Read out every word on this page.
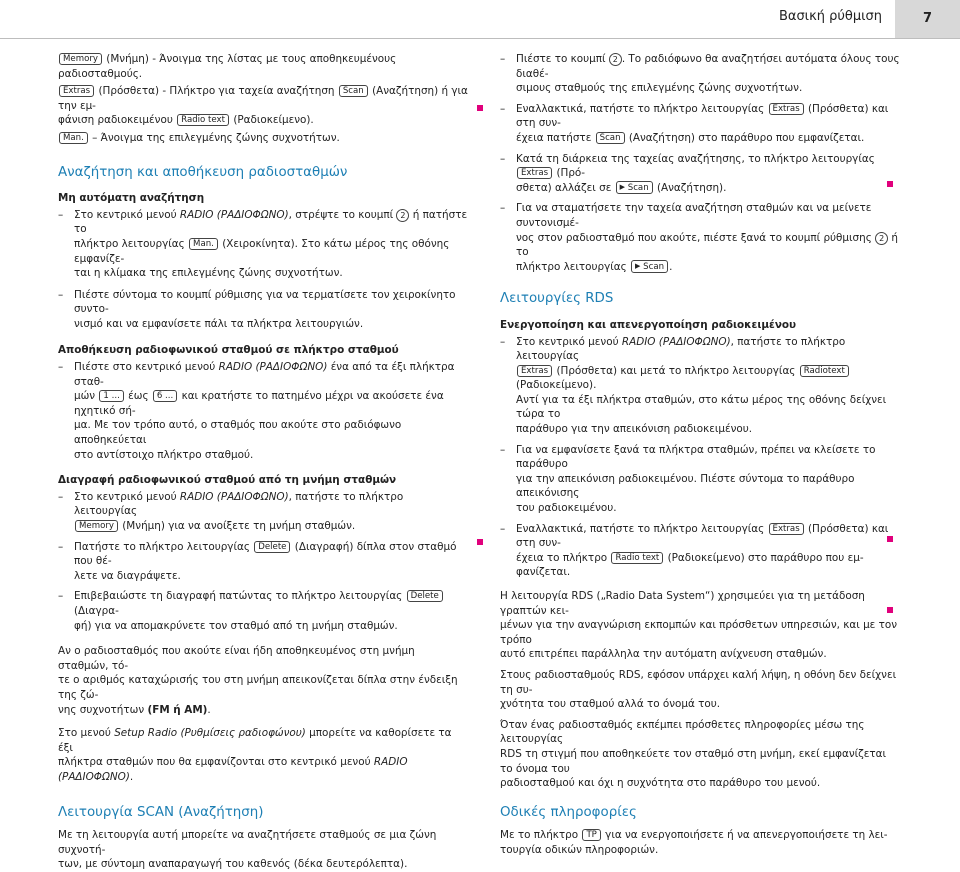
Βασική ρύθμιση	7

Memory (Μνήμη) - Άνοιγμα της λίστας με τους αποθηκευμένους ραδιοσταθμούς.

Extras (Πρόσθετα) - Πλήκτρο για ταχεία αναζήτηση Scan (Αναζήτηση) ή για την εμ-
φάνιση ραδιοκειμένου Radio text (Ραδιοκείμενο).

Man. – Άνοιγμα της επιλεγμένης ζώνης συχνοτήτων.

Αναζήτηση και αποθήκευση ραδιοσταθμών

Μη αυτόματη αναζήτηση

– Στο κεντρικό μενού RADIO (ΡΑΔΙΟΦΩΝΟ), στρέψτε το κουμπί 2 ή πατήστε το
πλήκτρο λειτουργίας Man. (Χειροκίνητα). Στο κάτω μέρος της οθόνης εμφανίζε-
ται η κλίμακα της επιλεγμένης ζώνης συχνοτήτων.

– Πιέστε σύντομα το κουμπί ρύθμισης για να τερματίσετε τον χειροκίνητο συντο-
νισμό και να εμφανίσετε πάλι τα πλήκτρα λειτουργιών.

Αποθήκευση ραδιοφωνικού σταθμού σε πλήκτρο σταθμού

– Πιέστε στο κεντρικό μενού RADIO (ΡΑΔΙΟΦΩΝΟ) ένα από τα έξι πλήκτρα σταθ-
μών 1 ... έως 6 ... και κρατήστε το πατημένο μέχρι να ακούσετε ένα ηχητικό σή-
μα. Με τον τρόπο αυτό, ο σταθμός που ακούτε στο ραδιόφωνο αποθηκεύεται
στο αντίστοιχο πλήκτρο σταθμού.

Διαγραφή ραδιοφωνικού σταθμού από τη μνήμη σταθμών

– Στο κεντρικό μενού RADIO (ΡΑΔΙΟΦΩΝΟ), πατήστε το πλήκτρο λειτουργίας
Memory (Μνήμη) για να ανοίξετε τη μνήμη σταθμών.

– Πατήστε το πλήκτρο λειτουργίας Delete (Διαγραφή) δίπλα στον σταθμό που θέ-
λετε να διαγράψετε.

– Επιβεβαιώστε τη διαγραφή πατώντας το πλήκτρο λειτουργίας Delete (Διαγρα-
φή) για να απομακρύνετε τον σταθμό από τη μνήμη σταθμών.

Αν ο ραδιοσταθμός που ακούτε είναι ήδη αποθηκευμένος στη μνήμη σταθμών, τό-
τε ο αριθμός καταχώρισής του στη μνήμη απεικονίζεται δίπλα στην ένδειξη της ζώ-
νης συχνοτήτων (FM ή AM).

Στο μενού Setup Radio (Ρυθμίσεις ραδιοφώνου) μπορείτε να καθορίσετε τα έξι
πλήκτρα σταθμών που θα εμφανίζονται στο κεντρικό μενού RADIO (ΡΑΔΙΟΦΩΝΟ).

Λειτουργία SCAN (Αναζήτηση)

Με τη λειτουργία αυτή μπορείτε να αναζητήσετε σταθμούς σε μια ζώνη συχνοτή-
των, με σύντομη αναπαραγωγή του καθενός (δέκα δευτερόλεπτα).

– Πιέστε το κουμπί 2 . Το ραδιόφωνο θα αναζητήσει αυτόματα όλους τους διαθέ-
σιμους σταθμούς της επιλεγμένης ζώνης συχνοτήτων.

– Εναλλακτικά, πατήστε το πλήκτρο λειτουργίας Extras (Πρόσθετα) και στη συν-
έχεια πατήστε Scan (Αναζήτηση) στο παράθυρο που εμφανίζεται.

– Κατά τη διάρκεια της ταχείας αναζήτησης, το πλήκτρο λειτουργίας Extras (Πρό-
σθετα) αλλάζει σε ▶ Scan (Αναζήτηση).

– Για να σταματήσετε την ταχεία αναζήτηση σταθμών και να μείνετε συντονισμέ-
νος στον ραδιοσταθμό που ακούτε, πιέστε ξανά το κουμπί ρύθμισης 2 ή το
πλήκτρο λειτουργίας ▶ Scan .

Λειτουργίες RDS

Ενεργοποίηση και απενεργοποίηση ραδιοκειμένου

– Στο κεντρικό μενού RADIO (ΡΑΔΙΟΦΩΝΟ), πατήστε το πλήκτρο λειτουργίας
Extras (Πρόσθετα) και μετά το πλήκτρο λειτουργίας Radiotext (Ραδιοκείμενο).
Αντί για τα έξι πλήκτρα σταθμών, στο κάτω μέρος της οθόνης δείχνει τώρα το
παράθυρο για την απεικόνιση ραδιοκειμένου.

– Για να εμφανίσετε ξανά τα πλήκτρα σταθμών, πρέπει να κλείσετε το παράθυρο
για την απεικόνιση ραδιοκειμένου. Πιέστε σύντομα το παράθυρο απεικόνισης
του ραδιοκειμένου.

– Εναλλακτικά, πατήστε το πλήκτρο λειτουργίας Extras (Πρόσθετα) και στη συν-
έχεια το πλήκτρο Radio text (Ραδιοκείμενο) στο παράθυρο που εμ-
φανίζεται.

Η λειτουργία RDS („Radio Data System“) χρησιμεύει για τη μετάδοση γραπτών κει-
μένων για την αναγνώριση εκπομπών και πρόσθετων υπηρεσιών, και με τον τρόπο
αυτό επιτρέπει παράλληλα την αυτόματη ανίχνευση σταθμών.

Στους ραδιοσταθμούς RDS, εφόσον υπάρχει καλή λήψη, η οθόνη δεν δείχνει τη συ-
χνότητα του σταθμού αλλά το όνομά του.

Όταν ένας ραδιοσταθμός εκπέμπει πρόσθετες πληροφορίες μέσω της λειτουργίας
RDS τη στιγμή που αποθηκεύετε τον σταθμό στη μνήμη, εκεί εμφανίζεται το όνομα του
ραδιοσταθμού και όχι η συχνότητα στο παράθυρο του μενού.

Οδικές πληροφορίες

Με το πλήκτρο TP για να ενεργοποιήσετε ή να απενεργοποιήσετε τη λει-
τουργία οδικών πληροφοριών.
